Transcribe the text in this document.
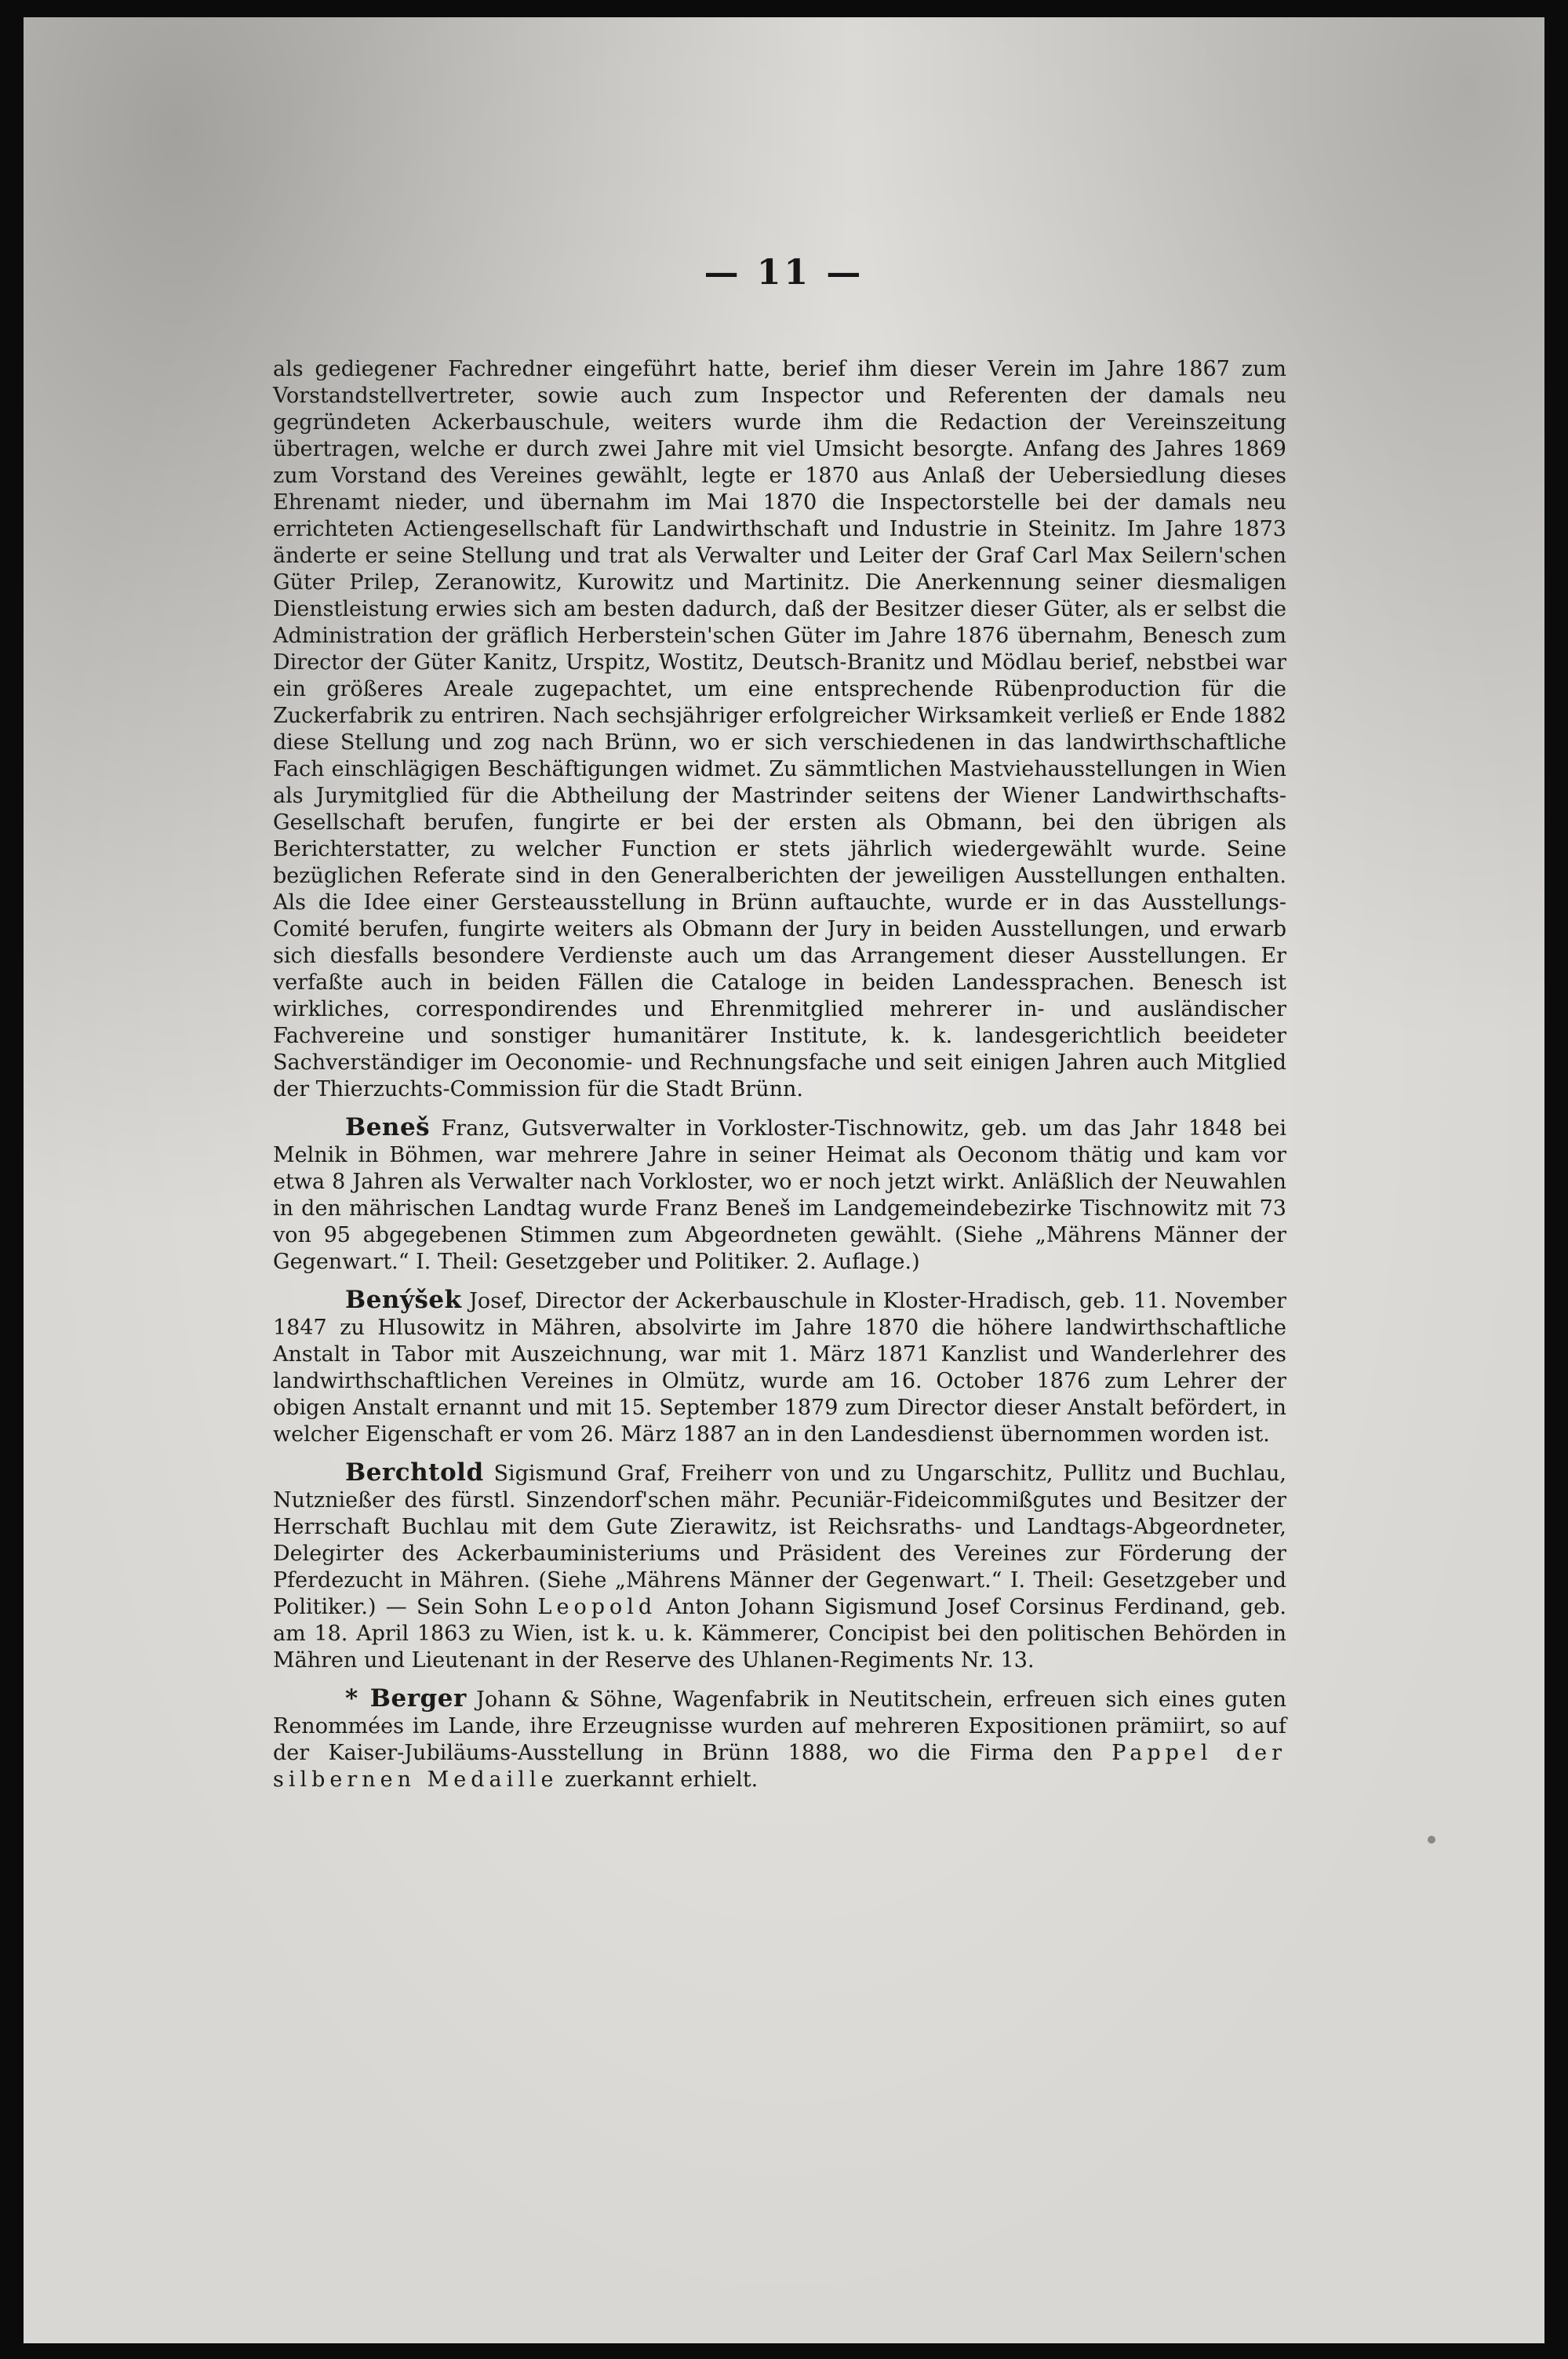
— 11 —

als gediegener Fachredner eingeführt hatte, berief ihm dieser Verein im Jahre 1867 zum Vorstandstellvertreter, sowie auch zum Inspector und Referenten der damals neu gegründeten Ackerbauschule, weiters wurde ihm die Redaction der Vereinszeitung übertragen, welche er durch zwei Jahre mit viel Umsicht besorgte. Anfang des Jahres 1869 zum Vorstand des Vereines gewählt, legte er 1870 aus Anlaß der Uebersiedlung dieses Ehrenamt nieder, und übernahm im Mai 1870 die Inspectorstelle bei der damals neu errichteten Actiengesellschaft für Landwirthschaft und Industrie in Steinitz. Im Jahre 1873 änderte er seine Stellung und trat als Verwalter und Leiter der Graf Carl Max Seilern'schen Güter Prilep, Zeranowitz, Kurowitz und Martinitz. Die Anerkennung seiner diesmaligen Dienstleistung erwies sich am besten dadurch, daß der Besitzer dieser Güter, als er selbst die Administration der gräflich Herberstein'schen Güter im Jahre 1876 übernahm, Benesch zum Director der Güter Kanitz, Urspitz, Wostitz, Deutsch-Branitz und Mödlau berief, nebstbei war ein größeres Areale zugepachtet, um eine entsprechende Rübenproduction für die Zuckerfabrik zu entriren. Nach sechsjähriger erfolgreicher Wirksamkeit verließ er Ende 1882 diese Stellung und zog nach Brünn, wo er sich verschiedenen in das landwirthschaftliche Fach einschlägigen Beschäftigungen widmet. Zu sämmtlichen Mastviehausstellungen in Wien als Jurymitglied für die Abtheilung der Mastrinder seitens der Wiener Landwirthschafts-Gesellschaft berufen, fungirte er bei der ersten als Obmann, bei den übrigen als Berichterstatter, zu welcher Function er stets jährlich wiedergewählt wurde. Seine bezüglichen Referate sind in den Generalberichten der jeweiligen Ausstellungen enthalten. Als die Idee einer Gersteausstellung in Brünn auftauchte, wurde er in das Ausstellungs-Comité berufen, fungirte weiters als Obmann der Jury in beiden Ausstellungen, und erwarb sich diesfalls besondere Verdienste auch um das Arrangement dieser Ausstellungen. Er verfaßte auch in beiden Fällen die Cataloge in beiden Landessprachen. Benesch ist wirkliches, correspondirendes und Ehrenmitglied mehrerer in- und ausländischer Fachvereine und sonstiger humanitärer Institute, k. k. landesgerichtlich beeideter Sachverständiger im Oeconomie- und Rechnungsfache und seit einigen Jahren auch Mitglied der Thierzuchts-Commission für die Stadt Brünn.

Beneš Franz, Gutsverwalter in Vorkloster-Tischnowitz, geb. um das Jahr 1848 bei Melnik in Böhmen, war mehrere Jahre in seiner Heimat als Oeconom thätig und kam vor etwa 8 Jahren als Verwalter nach Vorkloster, wo er noch jetzt wirkt. Anläßlich der Neuwahlen in den mährischen Landtag wurde Franz Beneš im Landgemeindebezirke Tischnowitz mit 73 von 95 abgegebenen Stimmen zum Abgeordneten gewählt. (Siehe „Mährens Männer der Gegenwart.“ I. Theil: Gesetzgeber und Politiker. 2. Auflage.)

Benýšek Josef, Director der Ackerbauschule in Kloster-Hradisch, geb. 11. November 1847 zu Hlusowitz in Mähren, absolvirte im Jahre 1870 die höhere landwirthschaftliche Anstalt in Tabor mit Auszeichnung, war mit 1. März 1871 Kanzlist und Wanderlehrer des landwirthschaftlichen Vereines in Olmütz, wurde am 16. October 1876 zum Lehrer der obigen Anstalt ernannt und mit 15. September 1879 zum Director dieser Anstalt befördert, in welcher Eigenschaft er vom 26. März 1887 an in den Landesdienst übernommen worden ist.

Berchtold Sigismund Graf, Freiherr von und zu Ungarschitz, Pullitz und Buchlau, Nutznießer des fürstl. Sinzendorf'schen mähr. Pecuniär-Fideicommißgutes und Besitzer der Herrschaft Buchlau mit dem Gute Zierawitz, ist Reichsraths- und Landtags-Abgeordneter, Delegirter des Ackerbauministeriums und Präsident des Vereines zur Förderung der Pferdezucht in Mähren. (Siehe „Mährens Männer der Gegenwart.“ I. Theil: Gesetzgeber und Politiker.) — Sein Sohn Leopold Anton Johann Sigismund Josef Corsinus Ferdinand, geb. am 18. April 1863 zu Wien, ist k. u. k. Kämmerer, Concipist bei den politischen Behörden in Mähren und Lieutenant in der Reserve des Uhlanen-Regiments Nr. 13.

* Berger Johann & Söhne, Wagenfabrik in Neutitschein, erfreuen sich eines guten Renommées im Lande, ihre Erzeugnisse wurden auf mehreren Expositionen prämiirt, so auf der Kaiser-Jubiläums-Ausstellung in Brünn 1888, wo die Firma den Pappel der silbernen Medaille zuerkannt erhielt.
